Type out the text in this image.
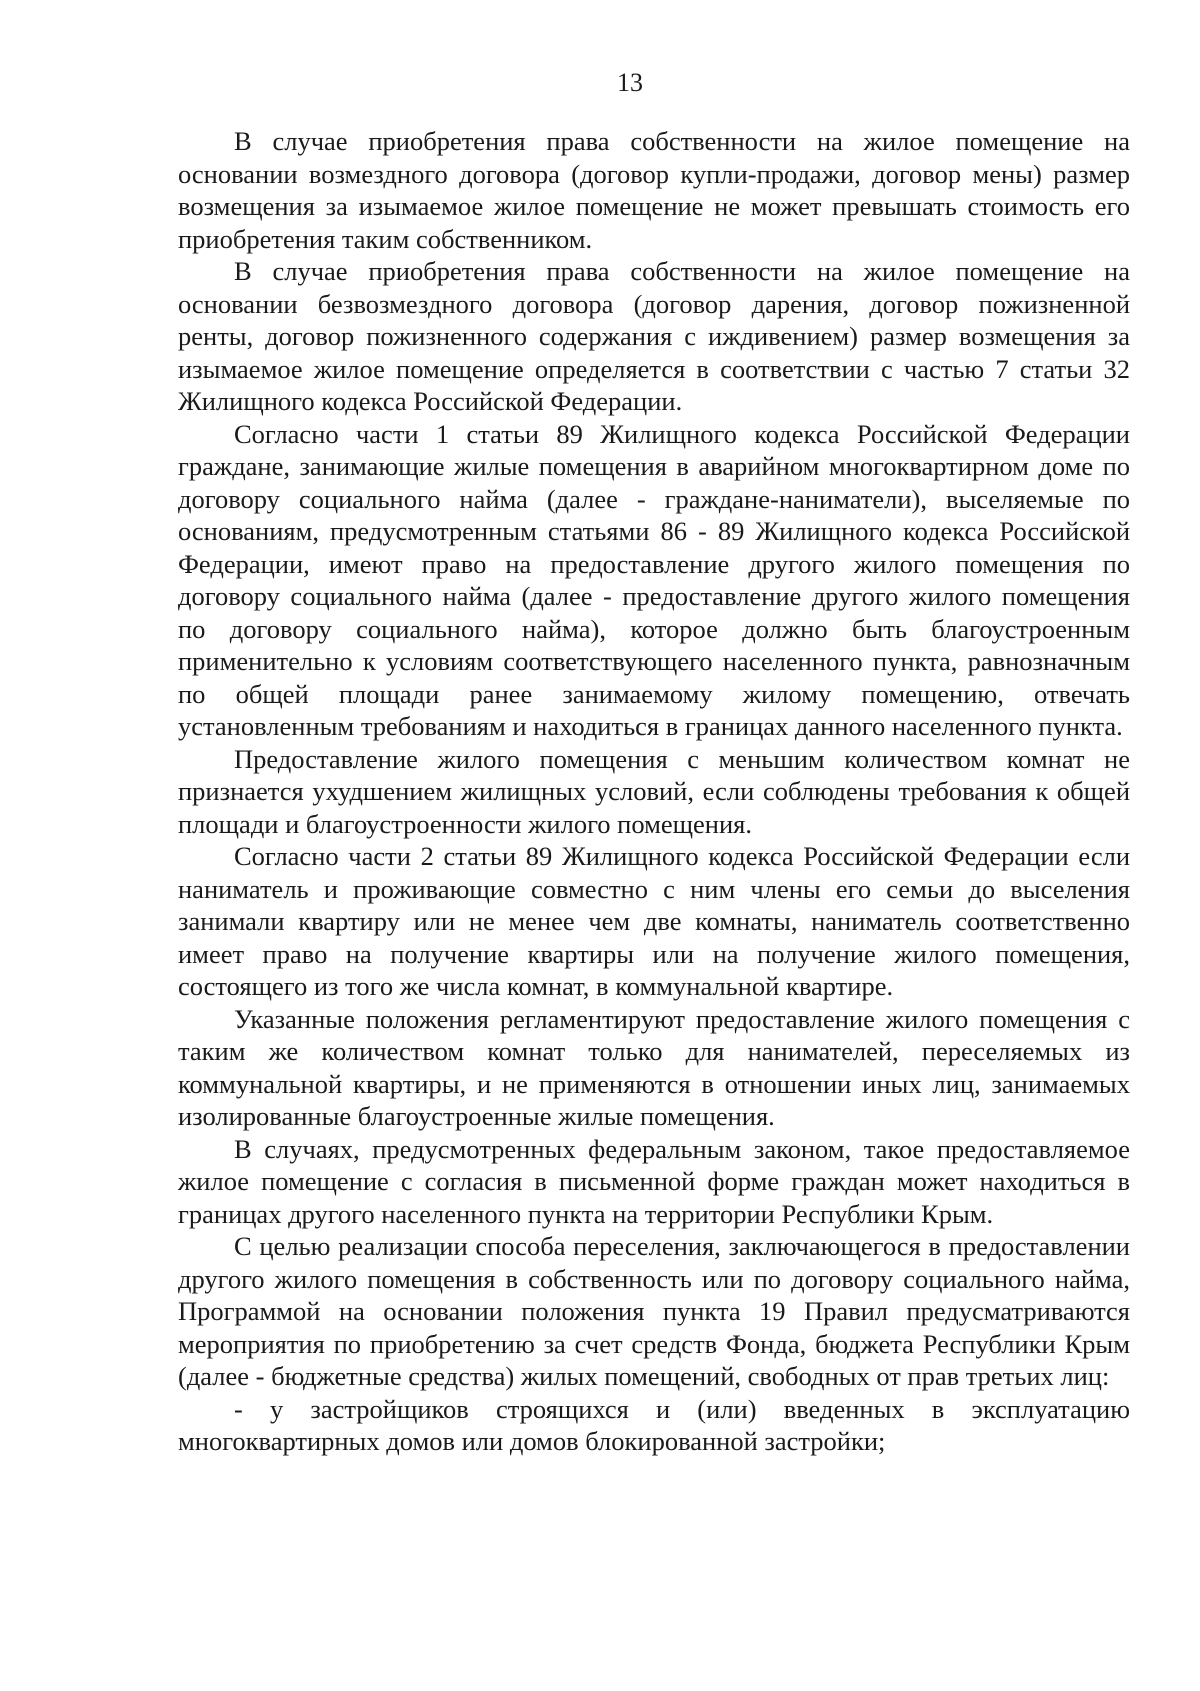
13

В случае приобретения права собственности на жилое помещение на основании возмездного договора (договор купли-продажи, договор мены) размер возмещения за изымаемое жилое помещение не может превышать стоимость его приобретения таким собственником.

В случае приобретения права собственности на жилое помещение на основании безвозмездного договора (договор дарения, договор пожизненной ренты, договор пожизненного содержания с иждивением) размер возмещения за изымаемое жилое помещение определяется в соответствии с частью 7 статьи 32 Жилищного кодекса Российской Федерации.

Согласно части 1 статьи 89 Жилищного кодекса Российской Федерации граждане, занимающие жилые помещения в аварийном многоквартирном доме по договору социального найма (далее - граждане-наниматели), выселяемые по основаниям, предусмотренным статьями 86 - 89 Жилищного кодекса Российской Федерации, имеют право на предоставление другого жилого помещения по договору социального найма (далее - предоставление другого жилого помещения по договору социального найма), которое должно быть благоустроенным применительно к условиям соответствующего населенного пункта, равнозначным по общей площади ранее занимаемому жилому помещению, отвечать установленным требованиям и находиться в границах данного населенного пункта.

Предоставление жилого помещения с меньшим количеством комнат не признается ухудшением жилищных условий, если соблюдены требования к общей площади и благоустроенности жилого помещения.

Согласно части 2 статьи 89 Жилищного кодекса Российской Федерации если наниматель и проживающие совместно с ним члены его семьи до выселения занимали квартиру или не менее чем две комнаты, наниматель соответственно имеет право на получение квартиры или на получение жилого помещения, состоящего из того же числа комнат, в коммунальной квартире.

Указанные положения регламентируют предоставление жилого помещения с таким же количеством комнат только для нанимателей, переселяемых из коммунальной квартиры, и не применяются в отношении иных лиц, занимаемых изолированные благоустроенные жилые помещения.

В случаях, предусмотренных федеральным законом, такое предоставляемое жилое помещение с согласия в письменной форме граждан может находиться в границах другого населенного пункта на территории Республики Крым.

С целью реализации способа переселения, заключающегося в предоставлении другого жилого помещения в собственность или по договору социального найма, Программой на основании положения пункта 19 Правил предусматриваются мероприятия по приобретению за счет средств Фонда, бюджета Республики Крым (далее - бюджетные средства) жилых помещений, свободных от прав третьих лиц:

- у застройщиков строящихся и (или) введенных в эксплуатацию многоквартирных домов или домов блокированной застройки;
